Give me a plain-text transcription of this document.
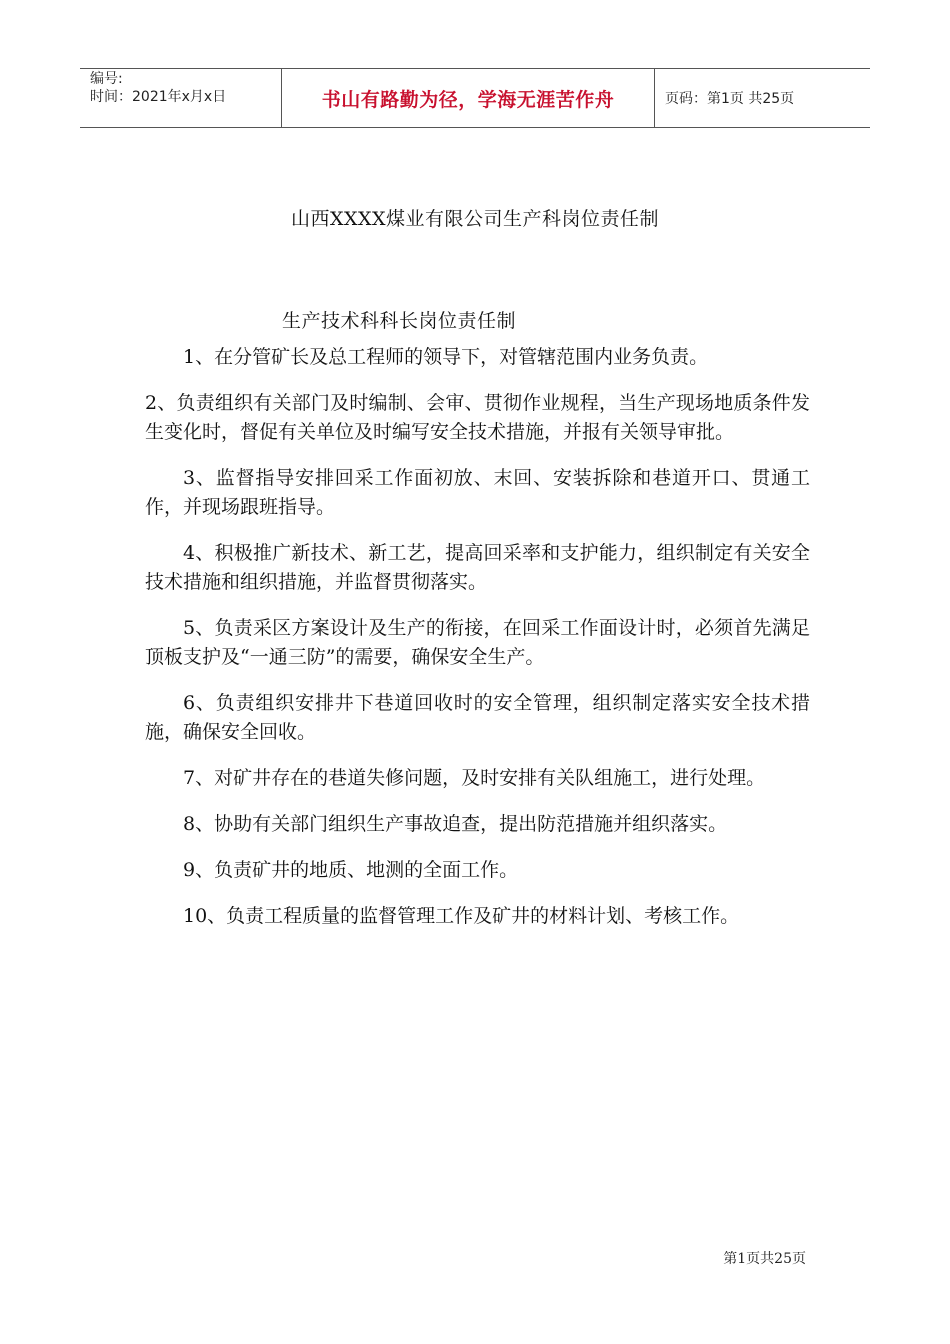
编号:
时间：2021年x月x日	书山有路勤为径，学海无涯苦作舟	页码：第1页 共25页
山西XXXX煤业有限公司生产科岗位责任制
生产技术科科长岗位责任制

1、在分管矿长及总工程师的领导下，对管辖范围内业务负责。

2、负责组织有关部门及时编制、会审、贯彻作业规程，当生产现场地质条件发生变化时，督促有关单位及时编写安全技术措施，并报有关领导审批。

3、监督指导安排回采工作面初放、末回、安装拆除和巷道开口、贯通工作，并现场跟班指导。

4、积极推广新技术、新工艺，提高回采率和支护能力，组织制定有关安全技术措施和组织措施，并监督贯彻落实。

5、负责采区方案设计及生产的衔接，在回采工作面设计时，必须首先满足顶板支护及“一通三防”的需要，确保安全生产。

6、负责组织安排井下巷道回收时的安全管理，组织制定落实安全技术措施，确保安全回收。

7、对矿井存在的巷道失修问题，及时安排有关队组施工，进行处理。

8、协助有关部门组织生产事故追查，提出防范措施并组织落实。

9、负责矿井的地质、地测的全面工作。

10、负责工程质量的监督管理工作及矿井的材料计划、考核工作。

第1页共25页
